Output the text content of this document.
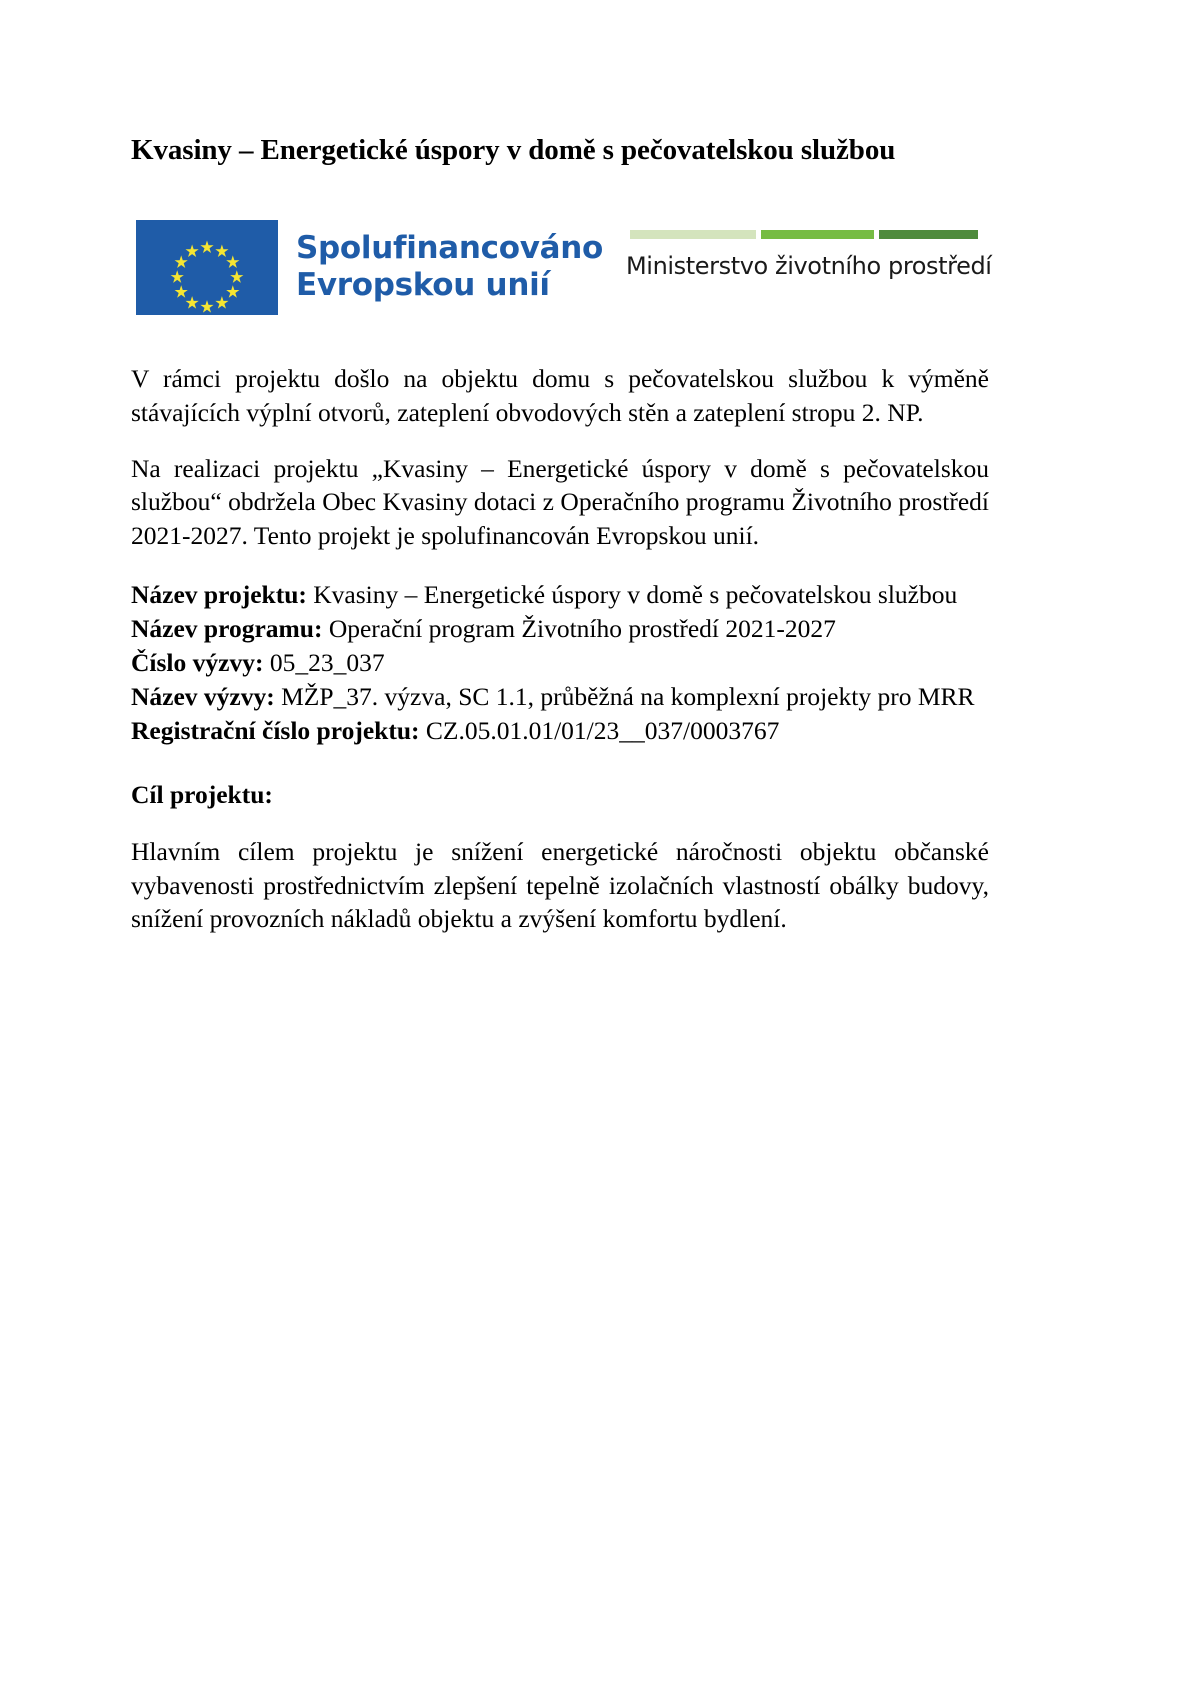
Kvasiny – Energetické úspory v domě s pečovatelskou službou
Spolufinancováno
Evropskou unií
Ministerstvo životního prostředí

V rámci projektu došlo na objektu domu s pečovatelskou službou k výměně stávajících výplní otvorů, zateplení obvodových stěn a zateplení stropu 2. NP.

Na realizaci projektu „Kvasiny – Energetické úspory v domě s pečovatelskou službou“ obdržela Obec Kvasiny dotaci z Operačního programu Životního prostředí 2021-2027. Tento projekt je spolufinancován Evropskou unií.

Název projektu: Kvasiny – Energetické úspory v domě s pečovatelskou službou
Název programu: Operační program Životního prostředí 2021-2027
Číslo výzvy: 05_23_037
Název výzvy: MŽP_37. výzva, SC 1.1, průběžná na komplexní projekty pro MRR
Registrační číslo projektu: CZ.05.01.01/01/23__037/0003767
Cíl projektu:

Hlavním cílem projektu je snížení energetické náročnosti objektu občanské vybavenosti prostřednictvím zlepšení tepelně izolačních vlastností obálky budovy, snížení provozních nákladů objektu a zvýšení komfortu bydlení.
